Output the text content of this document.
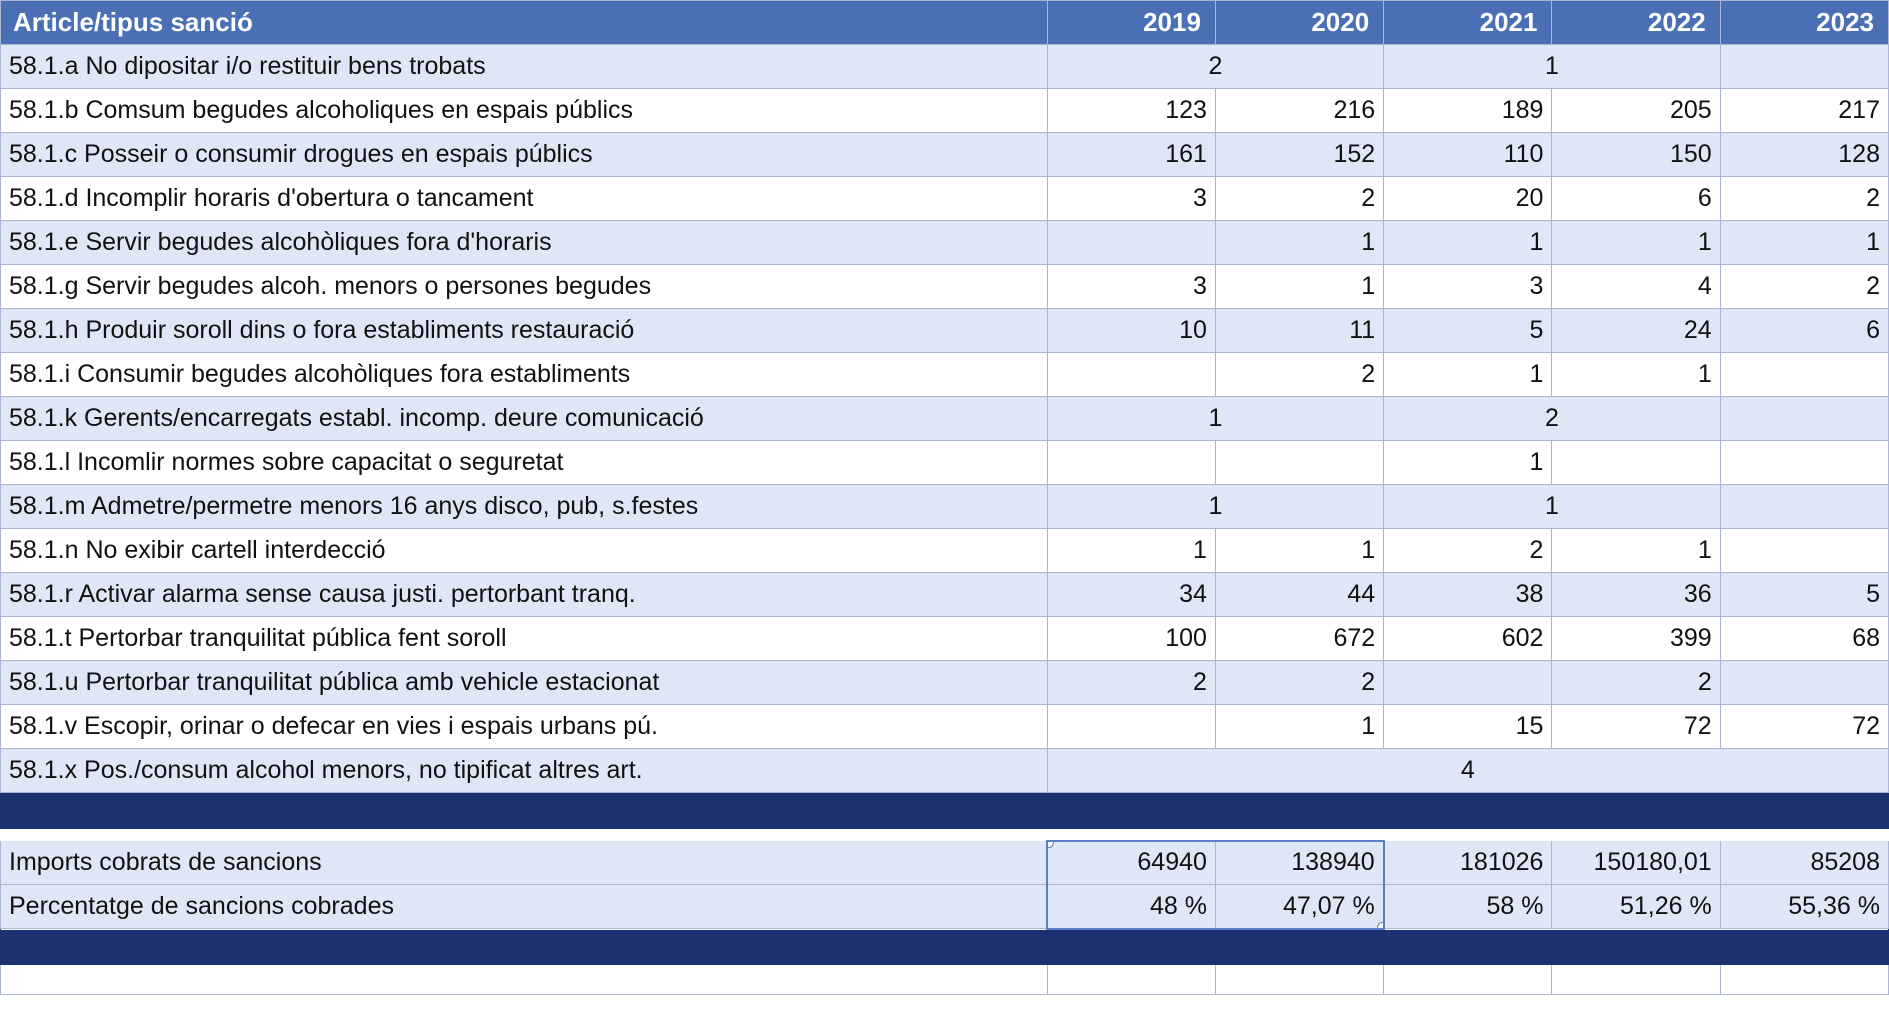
Article/tipus sanció	2019	2020	2021	2022	2023
58.1.a No dipositar i/o restituir bens trobats	2		1		
58.1.b Comsum begudes alcoholiques en espais públics	123	216	189	205	217
58.1.c Posseir o consumir drogues en espais públics	161	152	110	150	128
58.1.d Incomplir horaris d'obertura o tancament	3	2	20	6	2
58.1.e Servir begudes alcohòliques fora d'horaris		1	1	1	1
58.1.g Servir begudes alcoh. menors o persones begudes	3	1	3	4	2
58.1.h Produir soroll dins o fora establiments restauració	10	11	5	24	6
58.1.i Consumir begudes alcohòliques fora establiments		2	1	1	
58.1.k Gerents/encarregats establ. incomp. deure comunicació	1		2		
58.1.l Incomlir normes sobre capacitat o seguretat			1		
58.1.m Admetre/permetre menors 16 anys disco, pub, s.festes	1		1		
58.1.n No exibir cartell interdecció	1	1	2	1	
58.1.r Activar alarma sense causa justi. pertorbant tranq.	34	44	38	36	5
58.1.t Pertorbar tranquilitat pública fent soroll	100	672	602	399	68
58.1.u Pertorbar tranquilitat pública amb vehicle estacionat	2	2		2	
58.1.v Escopir, orinar o defecar en vies i espais urbans pú.		1	15	72	72
58.1.x Pos./consum alcohol menors, no tipificat altres art.	4				

Imports cobrats de sancions	64940	138940	181026	150180,01	85208
Percentatge de sancions cobrades	48 %	47,07 %	58 %	51,26 %	55,36 %
